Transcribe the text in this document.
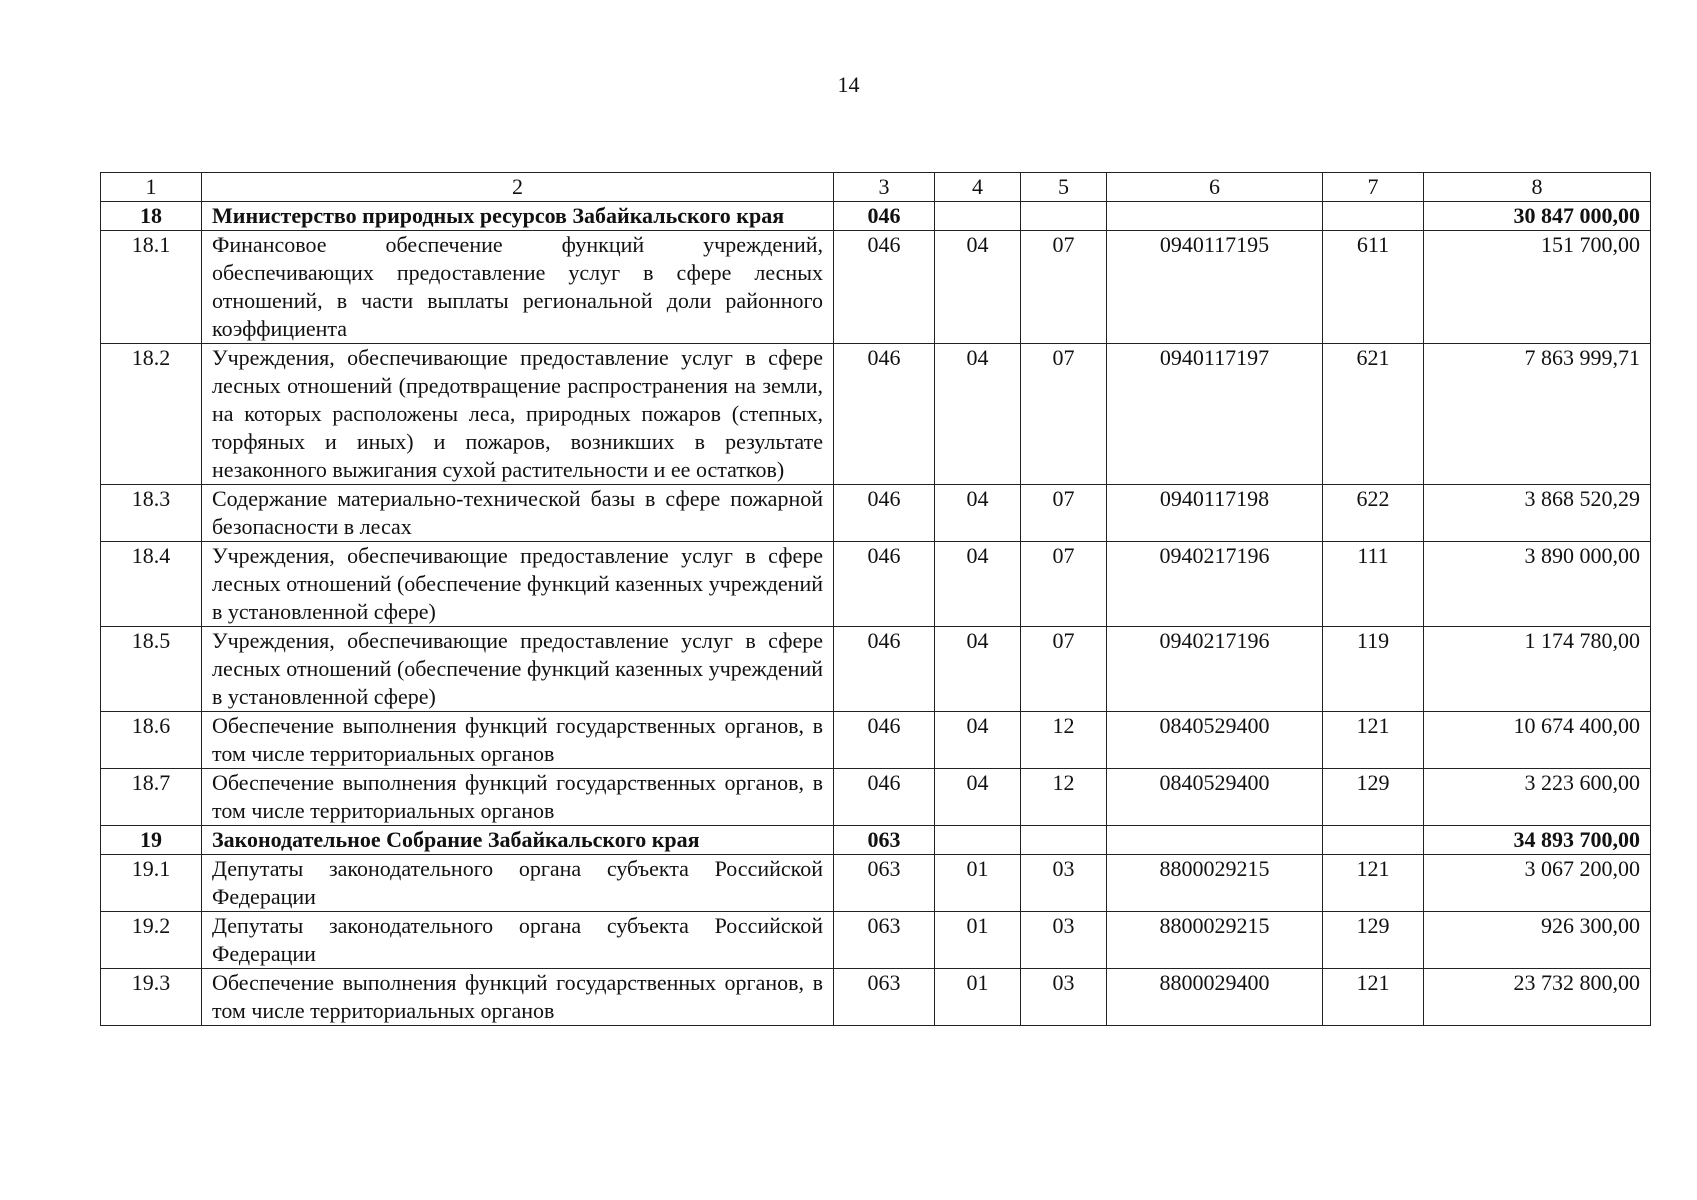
14
1	2	3	4	5	6	7	8
18	Министерство природных ресурсов Забайкальского края	046					30 847 000,00
18.1	Финансовое обеспечение функций учреждений, обеспечивающих предоставление услуг в сфере лесных отношений, в части выплаты региональной доли районного коэффициента	046	04	07	0940117195	611	151 700,00
18.2	Учреждения, обеспечивающие предоставление услуг в сфере лесных отношений (предотвращение распространения на земли, на которых расположены леса, природных пожаров (степных, торфяных и иных) и пожаров, возникших в результате незаконного выжигания сухой растительности и ее остатков)	046	04	07	0940117197	621	7 863 999,71
18.3	Содержание материально-технической базы в сфере пожарной безопасности в лесах	046	04	07	0940117198	622	3 868 520,29
18.4	Учреждения, обеспечивающие предоставление услуг в сфере лесных отношений (обеспечение функций казенных учреждений в установленной сфере)	046	04	07	0940217196	111	3 890 000,00
18.5	Учреждения, обеспечивающие предоставление услуг в сфере лесных отношений (обеспечение функций казенных учреждений в установленной сфере)	046	04	07	0940217196	119	1 174 780,00
18.6	Обеспечение выполнения функций государственных органов, в том числе территориальных органов	046	04	12	0840529400	121	10 674 400,00
18.7	Обеспечение выполнения функций государственных органов, в том числе территориальных органов	046	04	12	0840529400	129	3 223 600,00
19	Законодательное Собрание Забайкальского края	063					34 893 700,00
19.1	Депутаты законодательного органа субъекта Российской Федерации	063	01	03	8800029215	121	3 067 200,00
19.2	Депутаты законодательного органа субъекта Российской Федерации	063	01	03	8800029215	129	926 300,00
19.3	Обеспечение выполнения функций государственных органов, в том числе территориальных органов	063	01	03	8800029400	121	23 732 800,00
